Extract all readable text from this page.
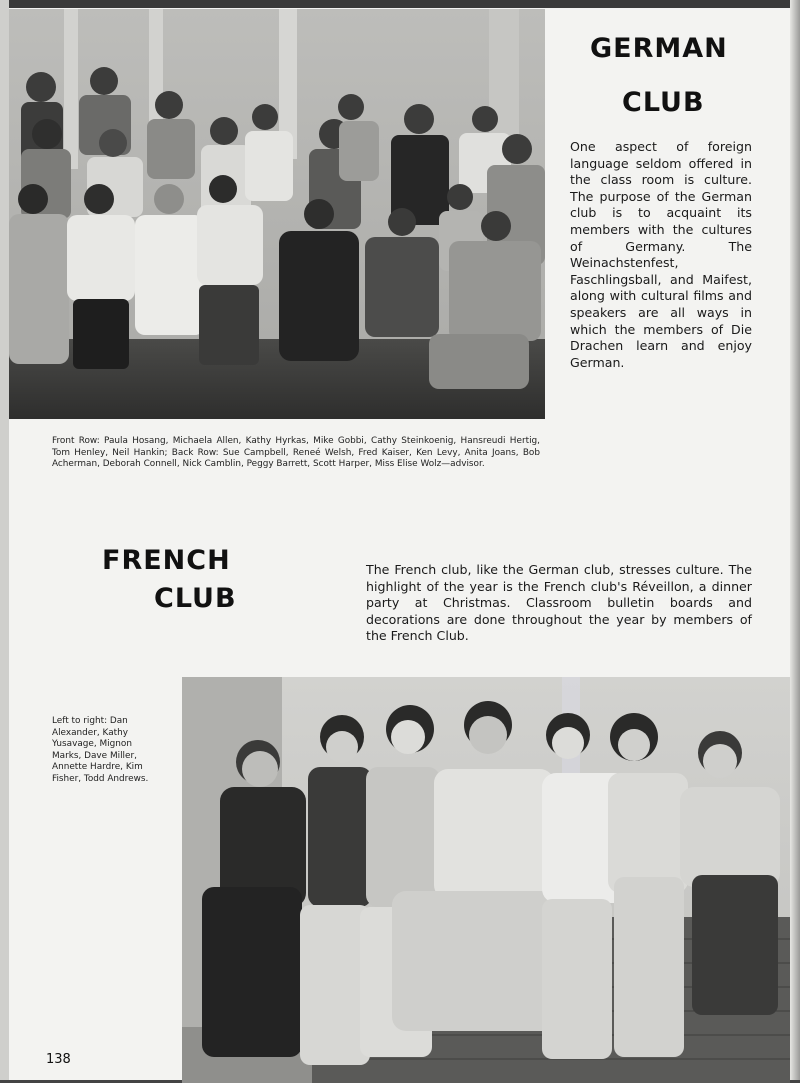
GERMAN
CLUB
One aspect of foreign language seldom offered in the class room is culture. The purpose of the German club is to acquaint its members with the cultures of Germany. The Weinachstenfest, Faschlingsball, and Maifest, along with cultural films and speakers are all ways in which the members of Die Drachen learn and enjoy German.
Front Row: Paula Hosang, Michaela Allen, Kathy Hyrkas, Mike Gobbi, Cathy Steinkoenig, Hansreudi Hertig, Tom Henley, Neil Hankin; Back Row: Sue Campbell, Reneé Welsh, Fred Kaiser, Ken Levy, Anita Joans, Bob Acherman, Deborah Connell, Nick Camblin, Peggy Barrett, Scott Harper, Miss Elise Wolz—advisor.
FRENCH
CLUB
The French club, like the German club, stresses culture. The highlight of the year is the French club's Réveillon, a dinner party at Christmas. Classroom bulletin boards and decorations are done throughout the year by members of the French Club.
Left to right: Dan Alexander, Kathy Yusavage, Mignon Marks, Dave Miller, Annette Hardre, Kim Fisher, Todd Andrews.
138
